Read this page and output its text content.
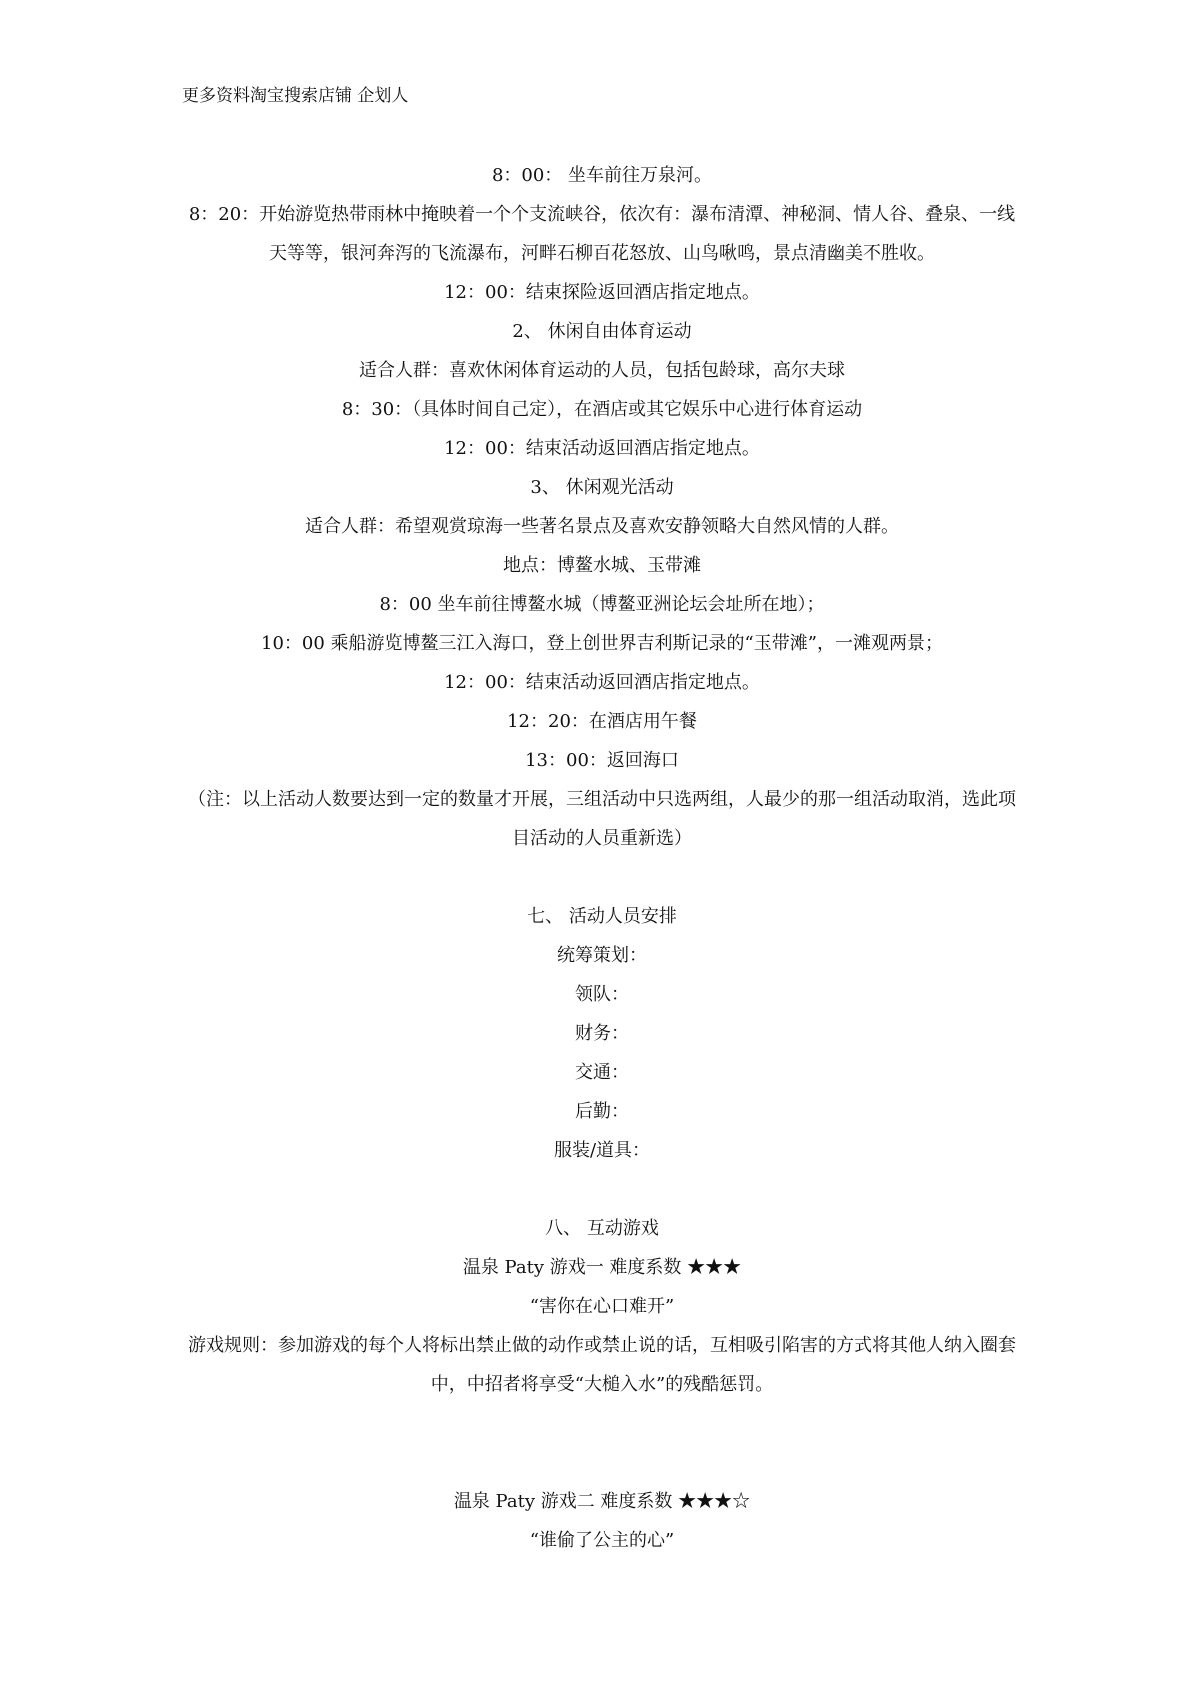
更多资料淘宝搜索店铺 企划人

8：00： 坐车前往万泉河。

8：20：开始游览热带雨林中掩映着一个个支流峡谷，依次有：瀑布清潭、神秘洞、情人谷、叠泉、一线天等等，银河奔泻的飞流瀑布，河畔石柳百花怒放、山鸟啾鸣，景点清幽美不胜收。

12：00：结束探险返回酒店指定地点。

2、 休闲自由体育运动

适合人群：喜欢休闲体育运动的人员，包括包龄球，高尔夫球

8：30：（具体时间自己定），在酒店或其它娱乐中心进行体育运动

12：00：结束活动返回酒店指定地点。

3、 休闲观光活动

适合人群：希望观赏琼海一些著名景点及喜欢安静领略大自然风情的人群。

地点：博鳌水城、玉带滩

8：00 坐车前往博鳌水城（博鳌亚洲论坛会址所在地）；

10：00 乘船游览博鳌三江入海口，登上创世界吉利斯记录的“玉带滩”，一滩观两景；

12：00：结束活动返回酒店指定地点。

12：20：在酒店用午餐

13：00：返回海口

（注：以上活动人数要达到一定的数量才开展，三组活动中只选两组，人最少的那一组活动取消，选此项目活动的人员重新选）

七、 活动人员安排

统筹策划：

领队：

财务：

交通：

后勤：

服装/道具：

八、 互动游戏

温泉 Paty 游戏一 难度系数 ★★★

“害你在心口难开”

游戏规则：参加游戏的每个人将标出禁止做的动作或禁止说的话，互相吸引陷害的方式将其他人纳入圈套中，中招者将享受“大槌入水”的残酷惩罚。

温泉 Paty 游戏二 难度系数 ★★★☆

“谁偷了公主的心”
